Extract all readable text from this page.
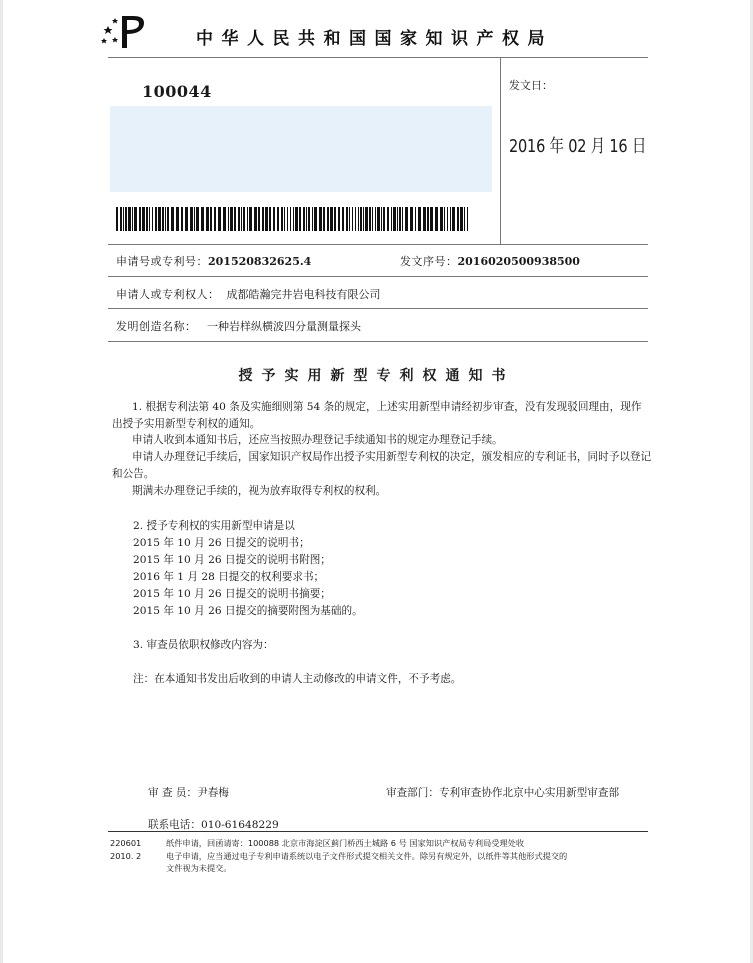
中华人民共和国国家知识产权局
100044	发文日：
2016 年 02 月 16 日
申请号或专利号：201520832625.4	发文序号：2016020500938500
申请人或专利权人： 成都皓瀚完井岩电科技有限公司
发明创造名称： 一种岩样纵横波四分量测量探头
授予实用新型专利权通知书

1. 根据专利法第 40 条及实施细则第 54 条的规定，上述实用新型申请经初步审查，没有发现驳回理由，现作出授予实用新型专利权的通知。

申请人收到本通知书后，还应当按照办理登记手续通知书的规定办理登记手续。

申请人办理登记手续后，国家知识产权局作出授予实用新型专利权的决定，颁发相应的专利证书，同时予以登记和公告。

期满未办理登记手续的，视为放弃取得专利权的权利。

2. 授予专利权的实用新型申请是以
2015 年 10 月 26 日提交的说明书；
2015 年 10 月 26 日提交的说明书附图；
2016 年 1 月 28 日提交的权利要求书；
2015 年 10 月 26 日提交的说明书摘要；
2015 年 10 月 26 日提交的摘要附图为基础的。
3. 审查员依职权修改内容为：
注：在本通知书发出后收到的申请人主动修改的申请文件，不予考虑。
审 查 员：尹春梅	审查部门：专利审查协作北京中心实用新型审查部
联系电话：010-61648229
220601
2010. 2
纸件申请，回函请寄：100088 北京市海淀区蓟门桥西土城路 6 号 国家知识产权局专利局受理处收
电子申请，应当通过电子专利申请系统以电子文件形式提交相关文件。除另有规定外，以纸件等其他形式提交的
文件视为未提交。
